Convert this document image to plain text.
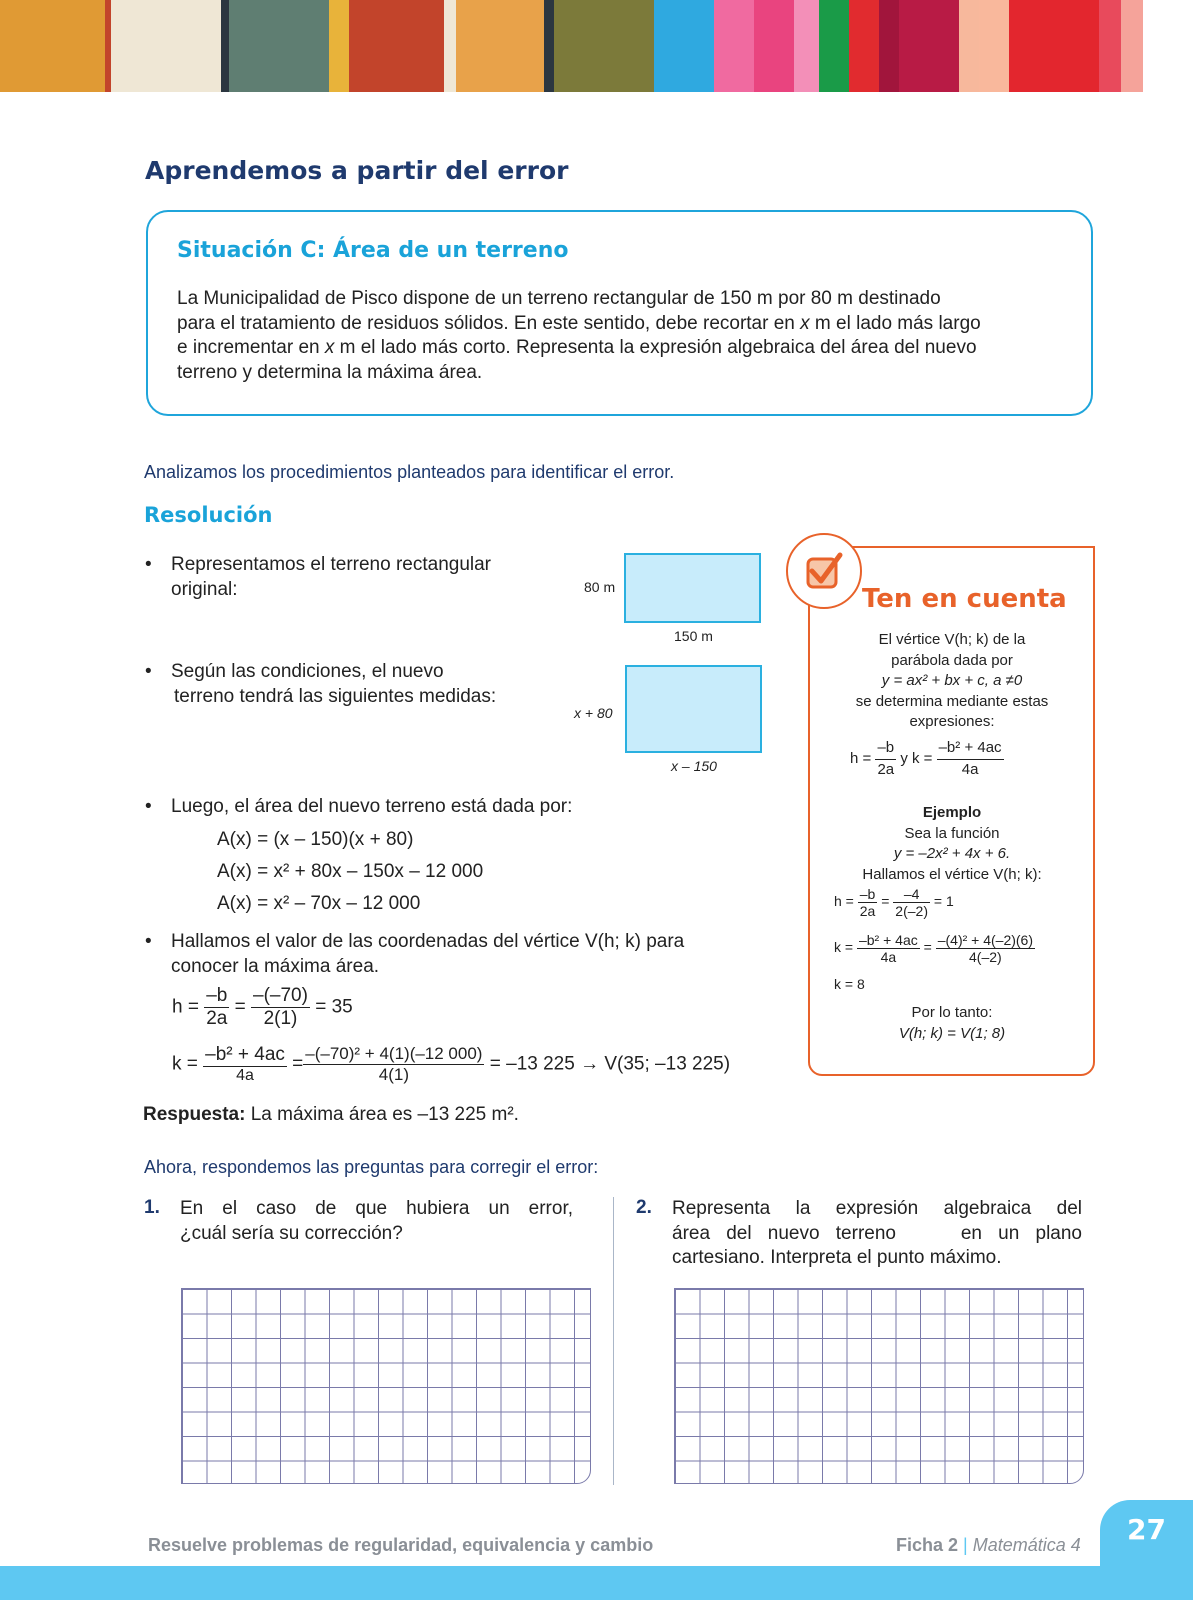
Aprendemos a partir del error
Situación C: Área de un terreno
La Municipalidad de Pisco dispone de un terreno rectangular de 150 m por 80 m destinado
para el tratamiento de residuos sólidos. En este sentido, debe recortar en x m el lado más largo
e incrementar en x m el lado más corto. Representa la expresión algebraica del área del nuevo
terreno y determina la máxima área.
Analizamos los procedimientos planteados para identificar el error.
Resolución
• Representamos el terreno rectangular
original:	80 m
150 m
• Según las condiciones, el nuevo
terreno tendrá las siguientes medidas:
x + 80
x – 150
• Luego, el área del nuevo terreno está dada por:
A(x) = (x – 150)(x + 80)
A(x) = x² + 80x – 150x – 12 000
A(x) = x² – 70x – 12 000
• Hallamos el valor de las coordenadas del vértice V(h; k) para
conocer la máxima área.
$h = \frac{-b}{2a} = \frac{-(-70)}{2(1)} = 35$
$k = \frac{\text{–b² + 4ac}}{4a} = \frac{\text{–(–70)² + 4(1)(–12 000)}}{4(1)} = -13$ 225 → V(35; –13 225)
Respuesta: La máxima área es –13 225 m².
Ten en cuenta
El vértice V(h; k) de la
parábola dada por
y = ax² + bx + c, a ≠0
se determina mediante estas
expresiones:
$h = \frac{-b}{2a}$ y $k = \frac{\text{–b² + 4ac}}{4a}$
Ejemplo
Sea la función
y = –2x² + 4x + 6.
Hallamos el vértice V(h; k):
$h = \frac{-b}{2a} = \frac{-4}{2(-2)} = 1$
$k = \frac{\text{–b² + 4ac}}{4a} = \frac{\text{–(4)² + 4(–2)(6)}}{4(-2)}$
k = 8
Por lo tanto:
V(h; k) = V(1; 8)
Ahora, respondemos las preguntas para corregir el error:
1. En el caso de que hubiera un error,
¿cuál sería su corrección?
2. Representa la expresión algebraica del
área del nuevo terreno    en un plano
cartesiano. Interpreta el punto máximo.
27
Resuelve problemas de regularidad, equivalencia y cambio	Ficha 2 | Matemática 4
